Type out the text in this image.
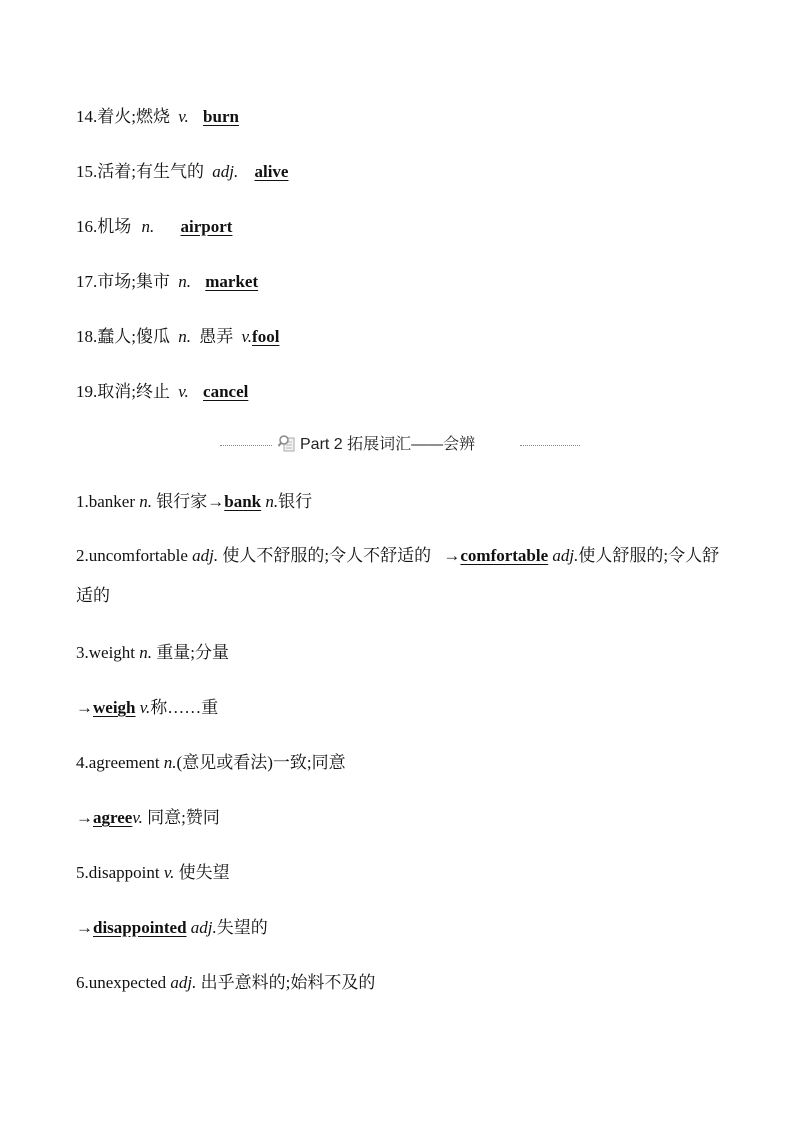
14.着火;燃烧 v. burn
15.活着;有生气的 adj. alive
16.机场 n. airport
17.市场;集市 n. market
18.蠢人;傻瓜 n. 愚弄 v.fool
19.取消;终止 v. cancel
Part 2 拓展词汇——会辨
1.banker n. 银行家→bank n.银行
2.uncomfortable adj. 使人不舒服的;令人不舒适的 →comfortable adj.使人舒服的;令人舒适的
3.weight n. 重量;分量
→weigh v.称……重
4.agreement n.(意见或看法)一致;同意
→agreev. 同意;赞同
5.disappoint v. 使失望
→disappointed adj.失望的
6.unexpected adj. 出乎意料的;始料不及的
